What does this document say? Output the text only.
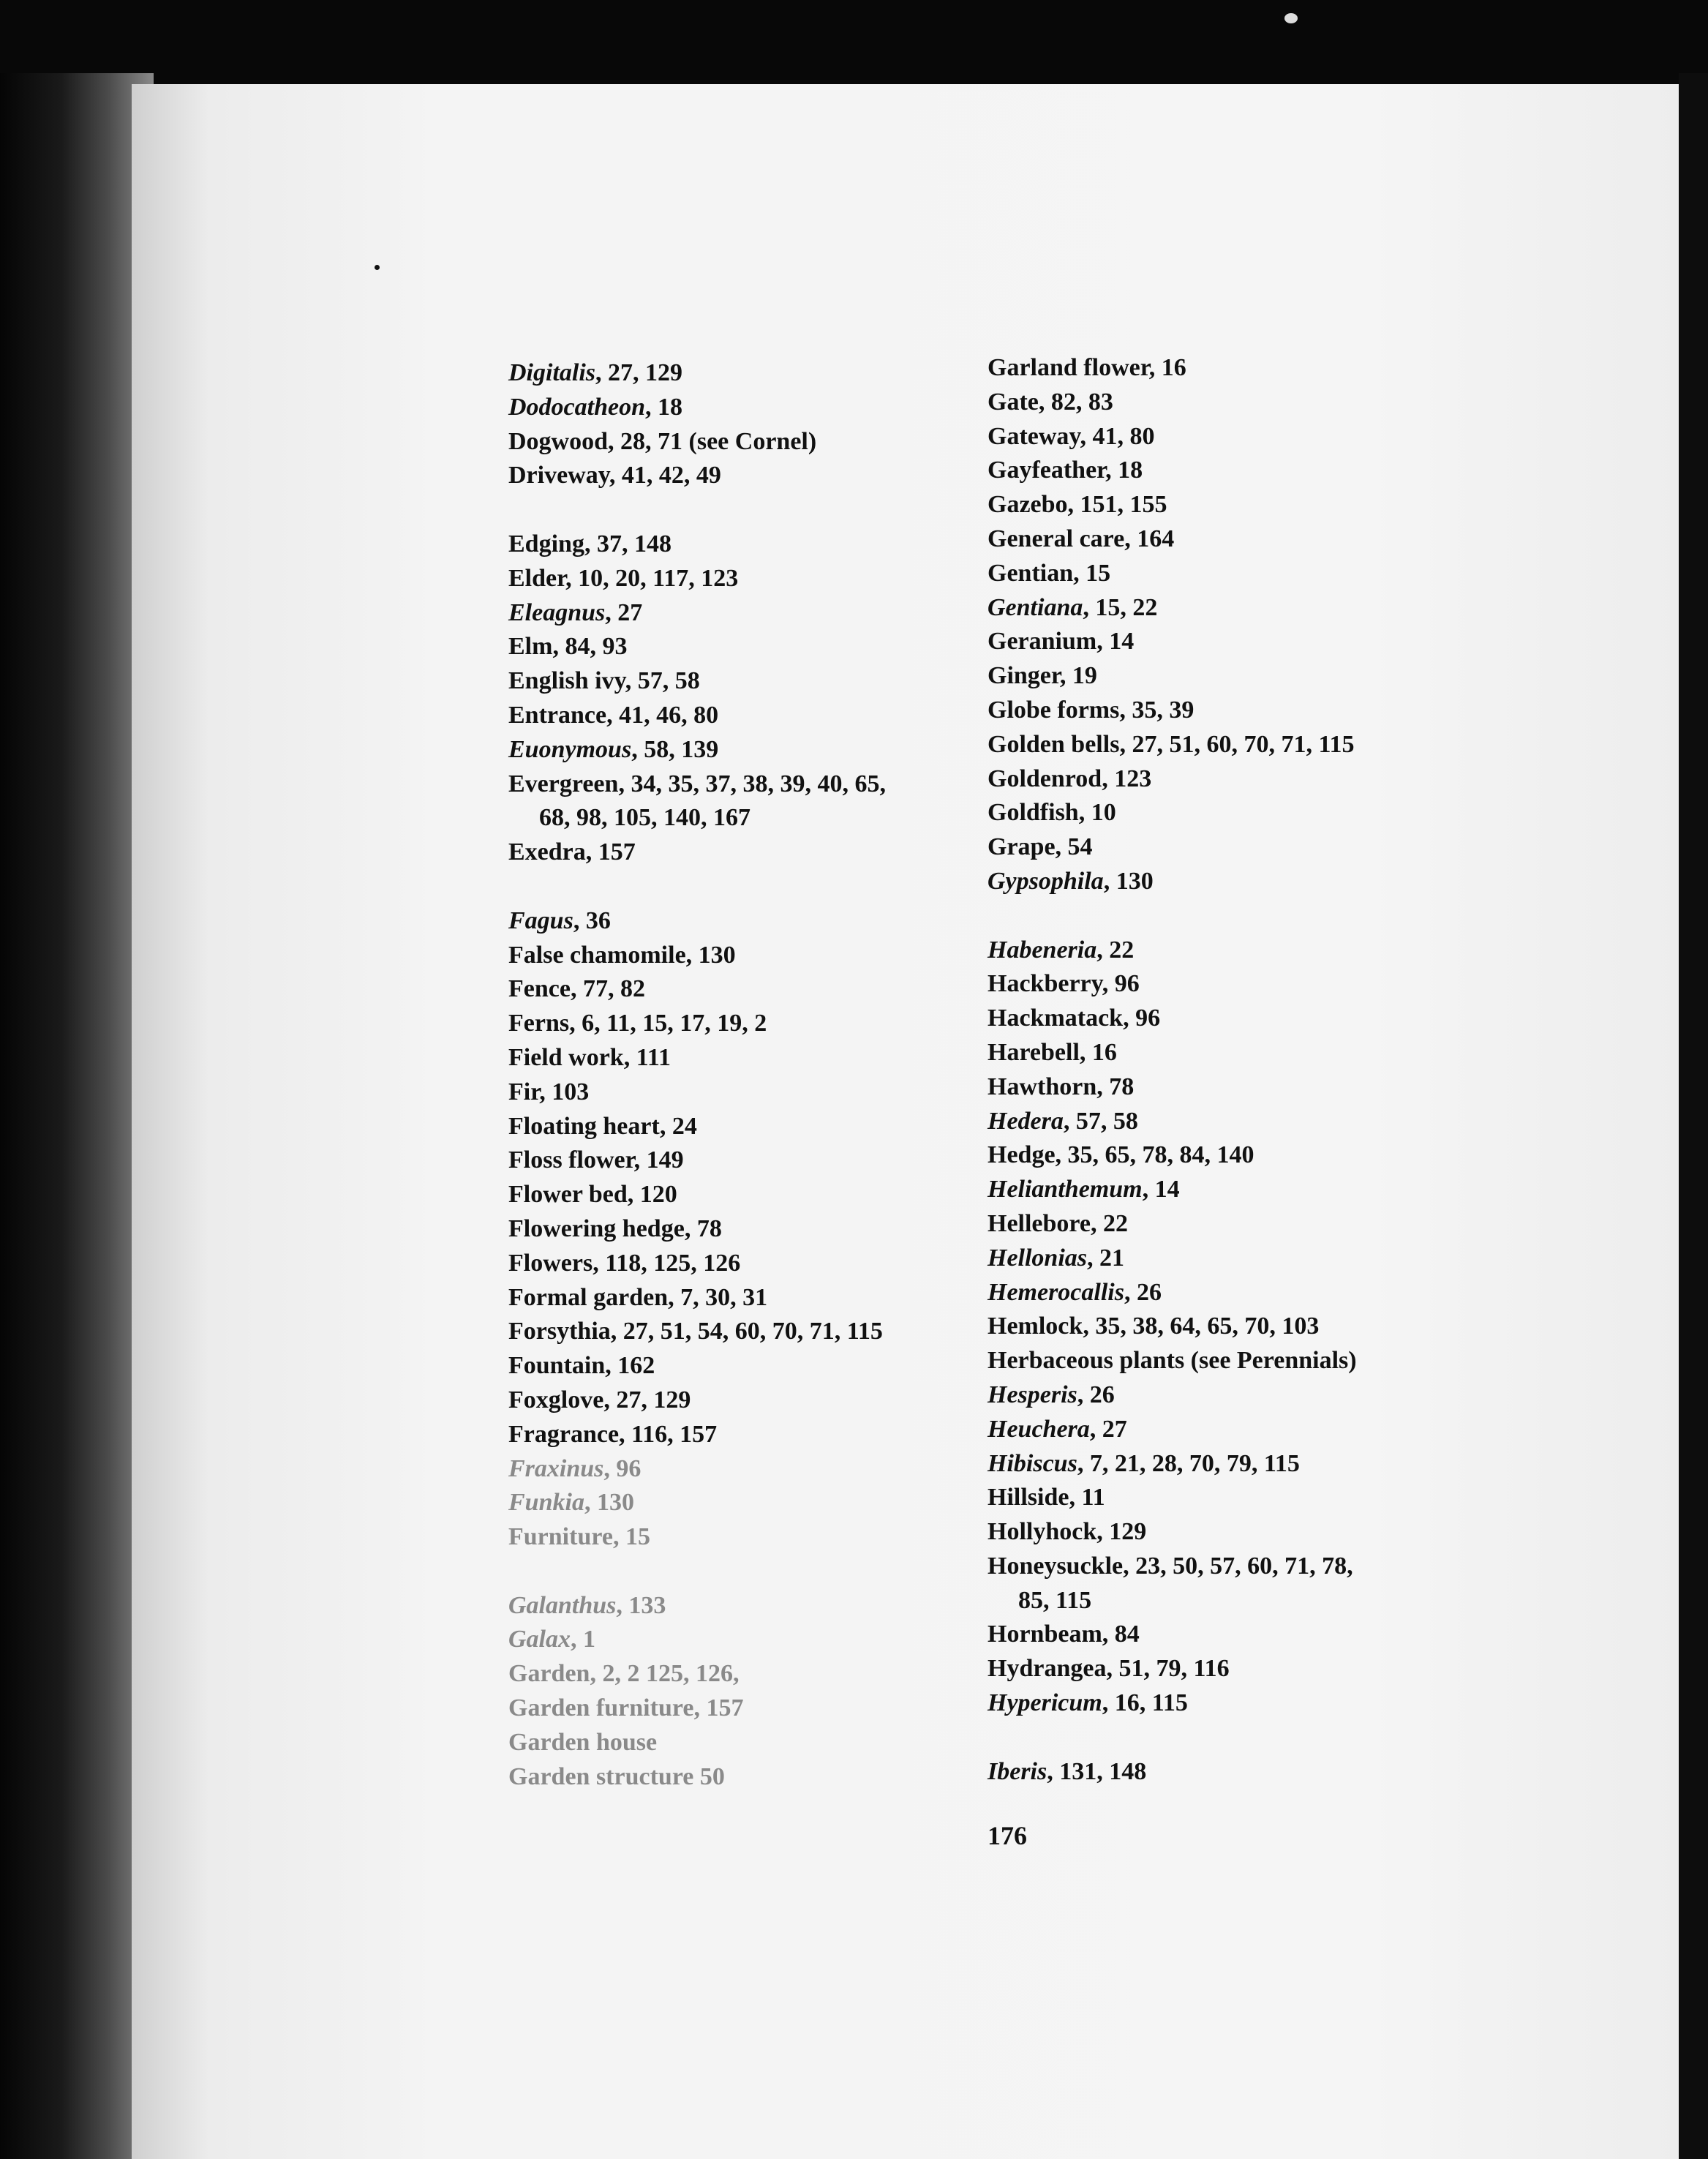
Digitalis, 27, 129
Dodocatheon, 18
Dogwood, 28, 71 (see Cornel)
Driveway, 41, 42, 49
Edging, 37, 148
Elder, 10, 20, 117, 123
Eleagnus, 27
Elm, 84, 93
English ivy, 57, 58
Entrance, 41, 46, 80
Euonymous, 58, 139
Evergreen, 34, 35, 37, 38, 39, 40, 65,
68, 98, 105, 140, 167
Exedra, 157
Fagus, 36
False chamomile, 130
Fence, 77, 82
Ferns, 6, 11, 15, 17, 19, 2
Field work, 111
Fir, 103
Floating heart, 24
Floss flower, 149
Flower bed, 120
Flowering hedge, 78
Flowers, 118, 125, 126
Formal garden, 7, 30, 31
Forsythia, 27, 51, 54, 60, 70, 71, 115
Fountain, 162
Foxglove, 27, 129
Fragrance, 116, 157
Fraxinus, 96
Funkia, 130
Furniture, 15
Galanthus, 133
Galax, 1
Garden, 2, 2 125, 126,
Garden furniture, 157
Garden house
Garden structure 50
Garland flower, 16
Gate, 82, 83
Gateway, 41, 80
Gayfeather, 18
Gazebo, 151, 155
General care, 164
Gentian, 15
Gentiana, 15, 22
Geranium, 14
Ginger, 19
Globe forms, 35, 39
Golden bells, 27, 51, 60, 70, 71, 115
Goldenrod, 123
Goldfish, 10
Grape, 54
Gypsophila, 130
Habeneria, 22
Hackberry, 96
Hackmatack, 96
Harebell, 16
Hawthorn, 78
Hedera, 57, 58
Hedge, 35, 65, 78, 84, 140
Helianthemum, 14
Hellebore, 22
Hellonias, 21
Hemerocallis, 26
Hemlock, 35, 38, 64, 65, 70, 103
Herbaceous plants (see Perennials)
Hesperis, 26
Heuchera, 27
Hibiscus, 7, 21, 28, 70, 79, 115
Hillside, 11
Hollyhock, 129
Honeysuckle, 23, 50, 57, 60, 71, 78,
85, 115
Hornbeam, 84
Hydrangea, 51, 79, 116
Hypericum, 16, 115
Iberis, 131, 148
176
